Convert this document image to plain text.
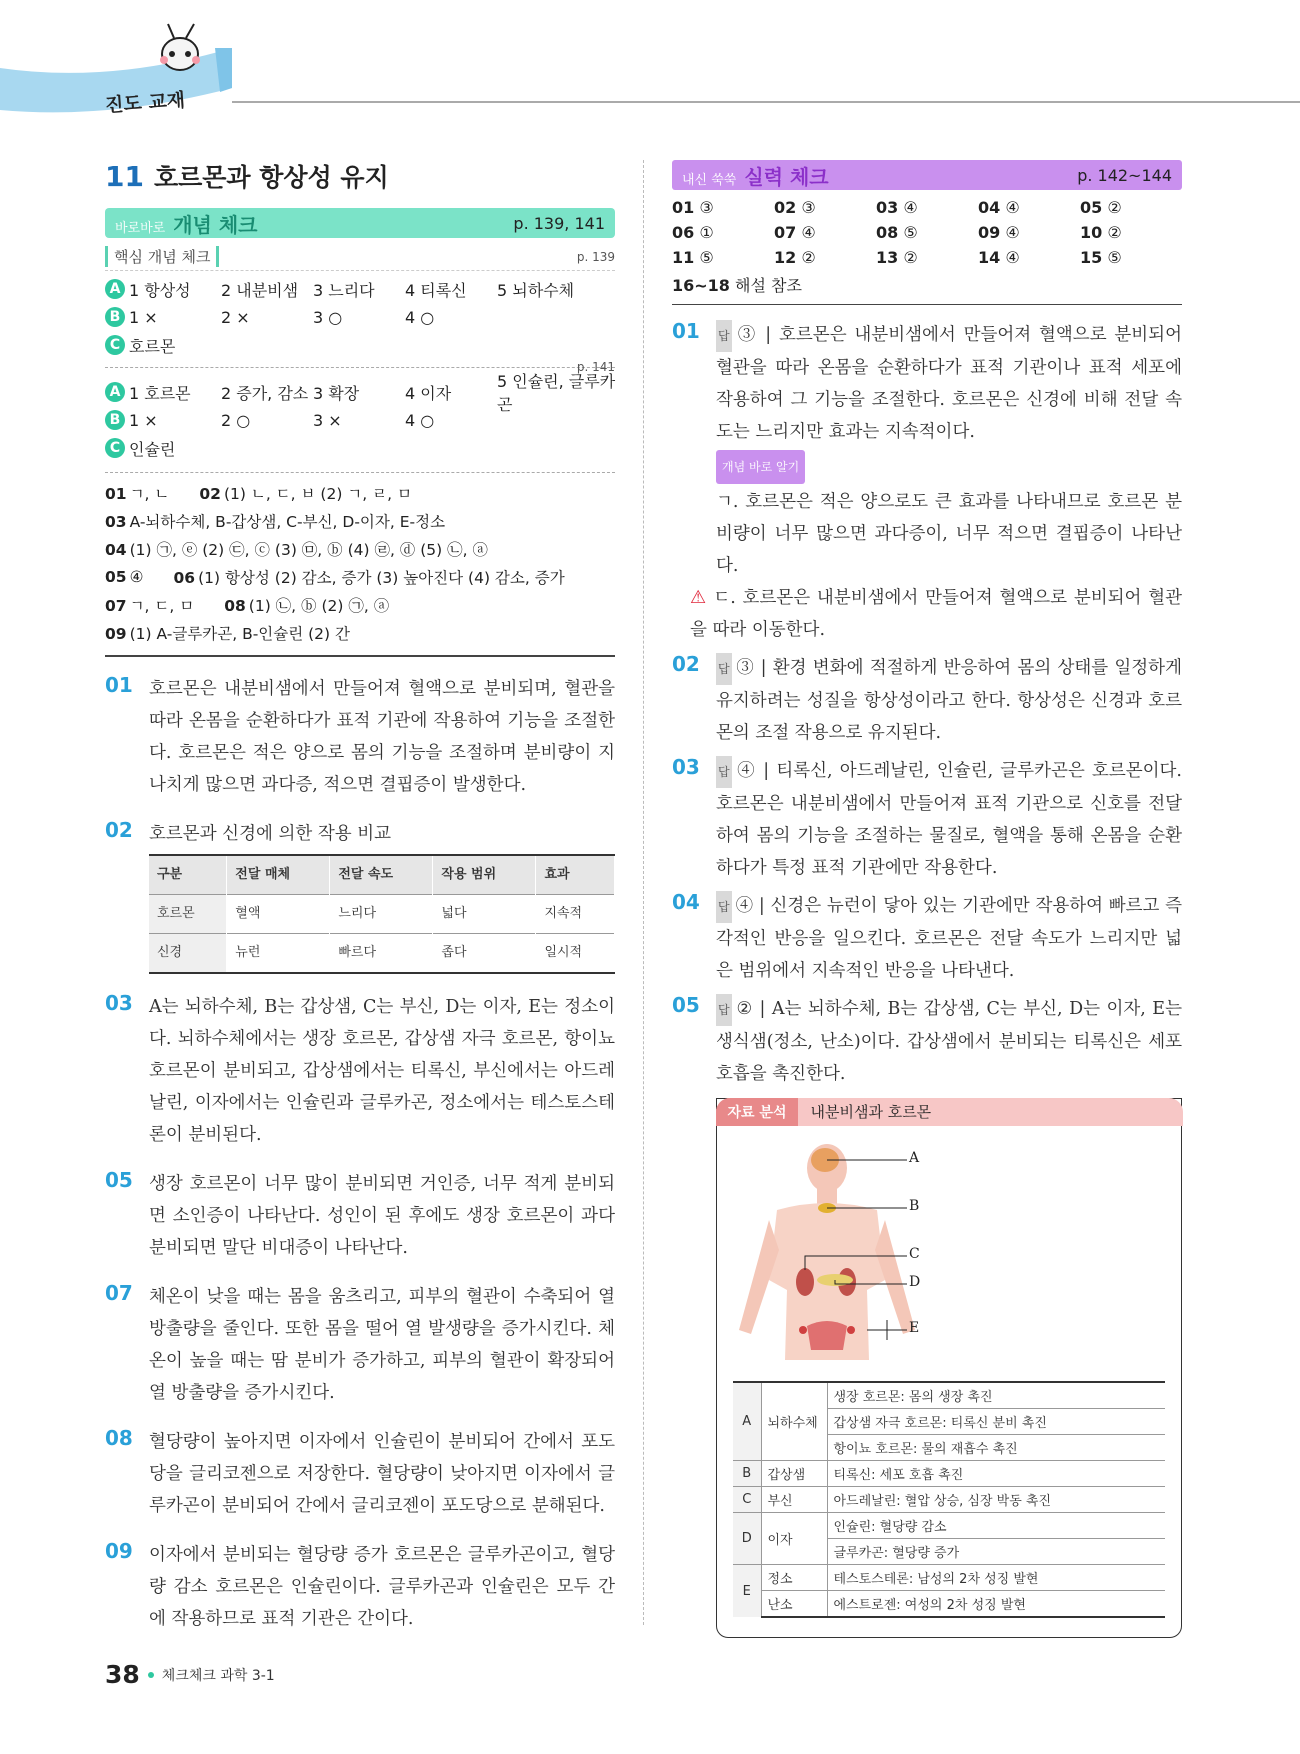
진도 교재
11 호르몬과 항상성 유지
바로바로 개념 체크	p. 139, 141
핵심 개념 체크	p. 139
A 1 항상성	2 내분비샘 3 느리다	4 티록신	5 뇌하수체
B 1 ×	2 ×	3 ○	4 ○
C 호르몬
p. 141
A 1 호르몬	2 증가, 감소 3 확장	4 이자
5 인슐린, 글루카곤
B 1 ×	2 ○	3 ×	4 ○
C 인슐린
01 ㄱ, ㄴ 02 (1) ㄴ, ㄷ, ㅂ (2) ㄱ, ㄹ, ㅁ
03 A-뇌하수체, B-갑상샘, C-부신, D-이자, E-정소
04 (1) ㉠, ⓔ (2) ㉢, ⓒ (3) ㉤, ⓑ (4) ㉣, ⓓ (5) ㉡, ⓐ
05 ④ 06 (1) 항상성 (2) 감소, 증가 (3) 높아진다 (4) 감소, 증가
07 ㄱ, ㄷ, ㅁ 08 (1) ㉡, ⓑ (2) ㉠, ⓐ
09 (1) A-글루카곤, B-인슐린 (2) 간
01 호르몬은 내분비샘에서 만들어져 혈액으로 분비되며, 혈관을 따라 온몸을 순환하다가 표적 기관에 작용하여 기능을 조절한다. 호르몬은 적은 양으로 몸의 기능을 조절하며 분비량이 지나치게 많으면 과다증, 적으면 결핍증이 발생한다.
02 호르몬과 신경에 의한 작용 비교
구분	전달 매체	전달 속도	작용 범위	효과
호르몬	혈액	느리다	넓다	지속적
신경	뉴런	빠르다	좁다	일시적
03 A는 뇌하수체, B는 갑상샘, C는 부신, D는 이자, E는 정소이다. 뇌하수체에서는 생장 호르몬, 갑상샘 자극 호르몬, 항이뇨 호르몬이 분비되고, 갑상샘에서는 티록신, 부신에서는 아드레날린, 이자에서는 인슐린과 글루카곤, 정소에서는 테스토스테론이 분비된다.
05 생장 호르몬이 너무 많이 분비되면 거인증, 너무 적게 분비되면 소인증이 나타난다. 성인이 된 후에도 생장 호르몬이 과다 분비되면 말단 비대증이 나타난다.
07 체온이 낮을 때는 몸을 움츠리고, 피부의 혈관이 수축되어 열 방출량을 줄인다. 또한 몸을 떨어 열 발생량을 증가시킨다. 체온이 높을 때는 땀 분비가 증가하고, 피부의 혈관이 확장되어 열 방출량을 증가시킨다.
08 혈당량이 높아지면 이자에서 인슐린이 분비되어 간에서 포도당을 글리코젠으로 저장한다. 혈당량이 낮아지면 이자에서 글루카곤이 분비되어 간에서 글리코젠이 포도당으로 분해된다.
09 이자에서 분비되는 혈당량 증가 호르몬은 글루카곤이고, 혈당량 감소 호르몬은 인슐린이다. 글루카곤과 인슐린은 모두 간에 작용하므로 표적 기관은 간이다.
내신 쑥쑥 실력 체크	p. 142~144
01 ③	02 ③	03 ④	04 ④	05 ②
06 ①	07 ④	08 ⑤	09 ④	10 ②
11 ⑤	12 ②	13 ②	14 ④	15 ⑤
16~18 해설 참조
01	답 ③ | 호르몬은 내분비샘에서 만들어져 혈액으로 분비되어 혈관을 따라 온몸을 순환하다가 표적 기관이나 표적 세포에 작용하여 그 기능을 조절한다. 호르몬은 신경에 비해 전달 속도는 느리지만 효과는 지속적이다.
개념 바로 알기
ㄱ. 호르몬은 적은 양으로도 큰 효과를 나타내므로 호르몬 분비량이 너무 많으면 과다증이, 너무 적으면 결핍증이 나타난다.
⚠ ㄷ. 호르몬은 내분비샘에서 만들어져 혈액으로 분비되어 혈관을 따라 이동한다.
02	답 ③ | 환경 변화에 적절하게 반응하여 몸의 상태를 일정하게 유지하려는 성질을 항상성이라고 한다. 항상성은 신경과 호르몬의 조절 작용으로 유지된다.
03	답 ④ | 티록신, 아드레날린, 인슐린, 글루카곤은 호르몬이다. 호르몬은 내분비샘에서 만들어져 표적 기관으로 신호를 전달하여 몸의 기능을 조절하는 물질로, 혈액을 통해 온몸을 순환하다가 특정 표적 기관에만 작용한다.
04	답 ④ | 신경은 뉴런이 닿아 있는 기관에만 작용하여 빠르고 즉각적인 반응을 일으킨다. 호르몬은 전달 속도가 느리지만 넓은 범위에서 지속적인 반응을 나타낸다.
05	답 ② | A는 뇌하수체, B는 갑상샘, C는 부신, D는 이자, E는 생식샘(정소, 난소)이다. 갑상샘에서 분비되는 티록신은 세포 호흡을 촉진한다.
자료 분석	내분비샘과 호르몬
A
B
C
D
E
A	뇌하수체	생장 호르몬: 몸의 생장 촉진
		갑상샘 자극 호르몬: 티록신 분비 촉진
		항이뇨 호르몬: 물의 재흡수 촉진
B	갑상샘	티록신: 세포 호흡 촉진
C	부신	아드레날린: 혈압 상승, 심장 박동 촉진
D	이자	인슐린: 혈당량 감소
		글루카곤: 혈당량 증가
E	정소	테스토스테론: 남성의 2차 성징 발현
	난소	에스트로젠: 여성의 2차 성징 발현
38 체크체크 과학 3-1
